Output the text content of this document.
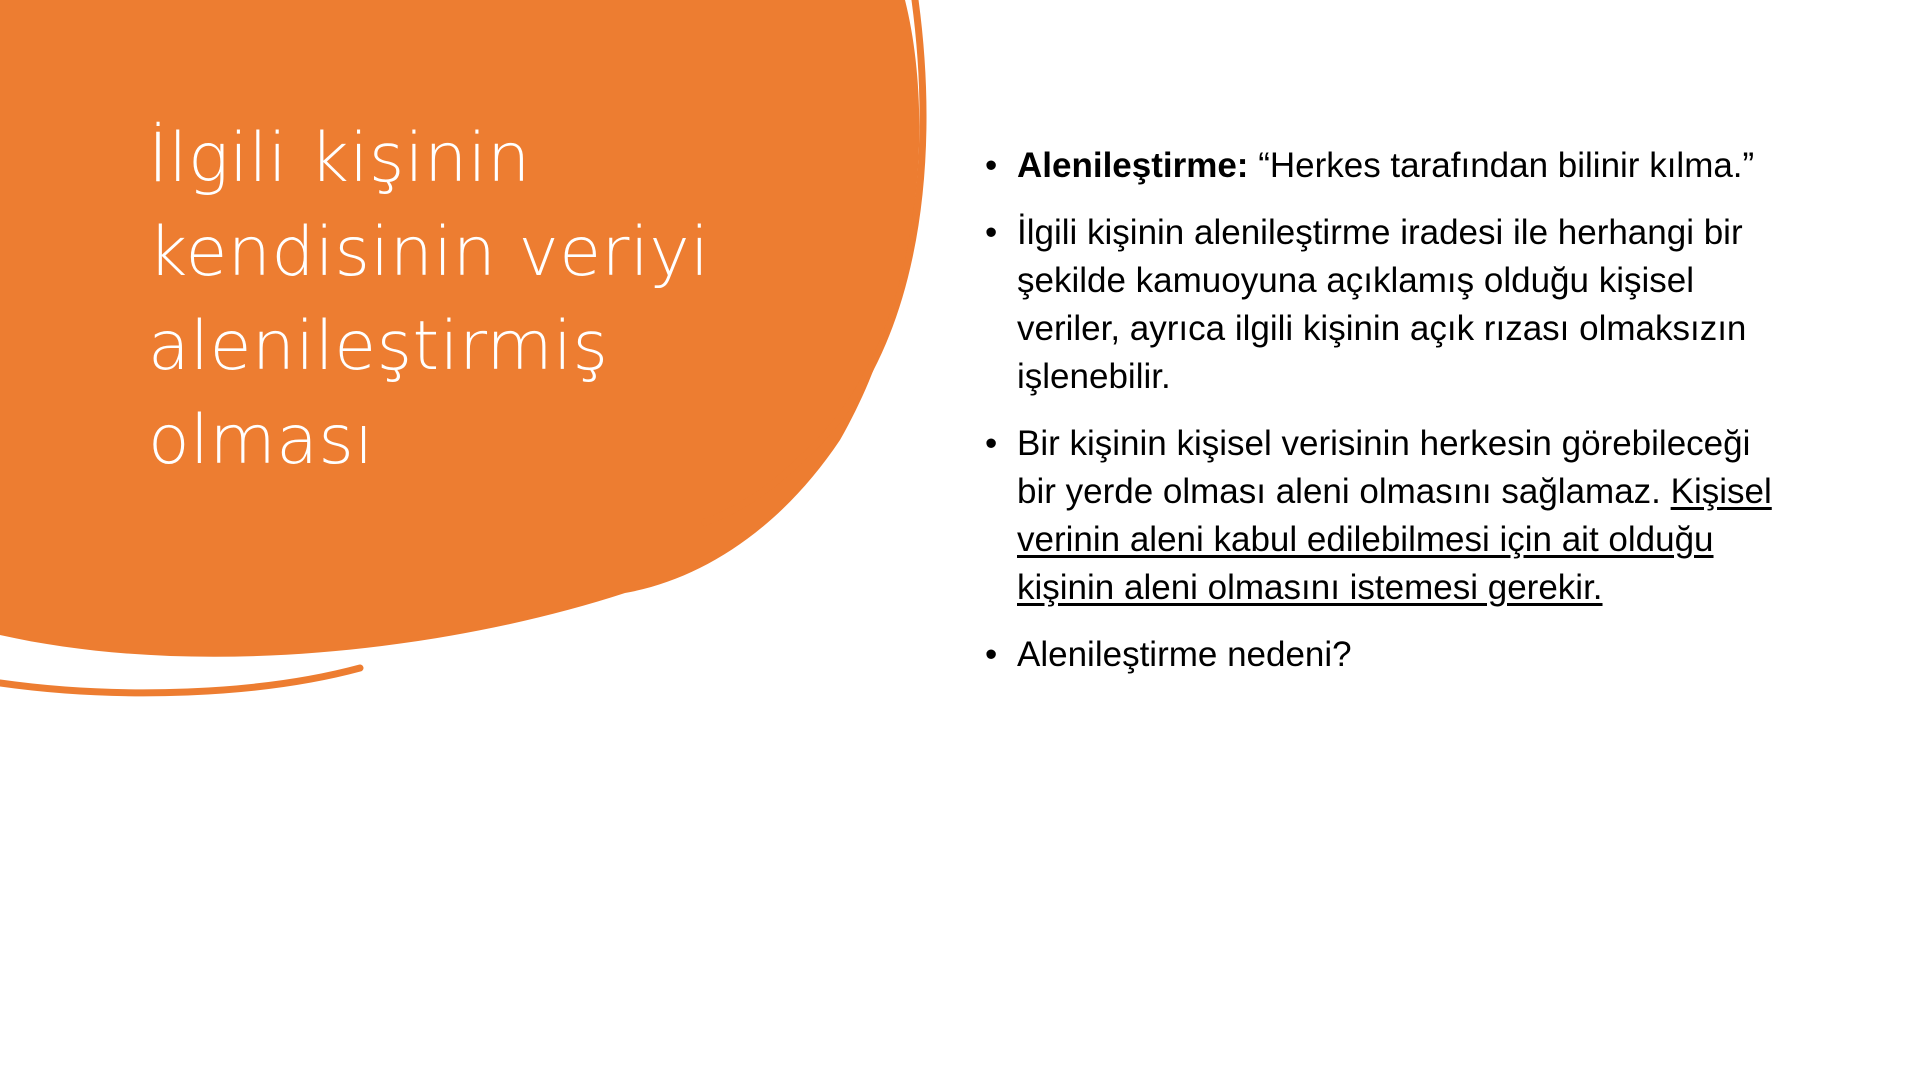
İlgili kişinin kendisinin veriyi alenileştirmiş olması
• Alenileştirme: “Herkes tarafından bilinir kılma.”
• İlgili kişinin alenileştirme iradesi ile herhangi bir şekilde kamuoyuna açıklamış olduğu kişisel veriler, ayrıca ilgili kişinin açık rızası olmaksızın işlenebilir.
• Bir kişinin kişisel verisinin herkesin görebileceği bir yerde olması aleni olmasını sağlamaz. Kişisel verinin aleni kabul edilebilmesi için ait olduğu kişinin aleni olmasını istemesi gerekir.
• Alenileştirme nedeni?
